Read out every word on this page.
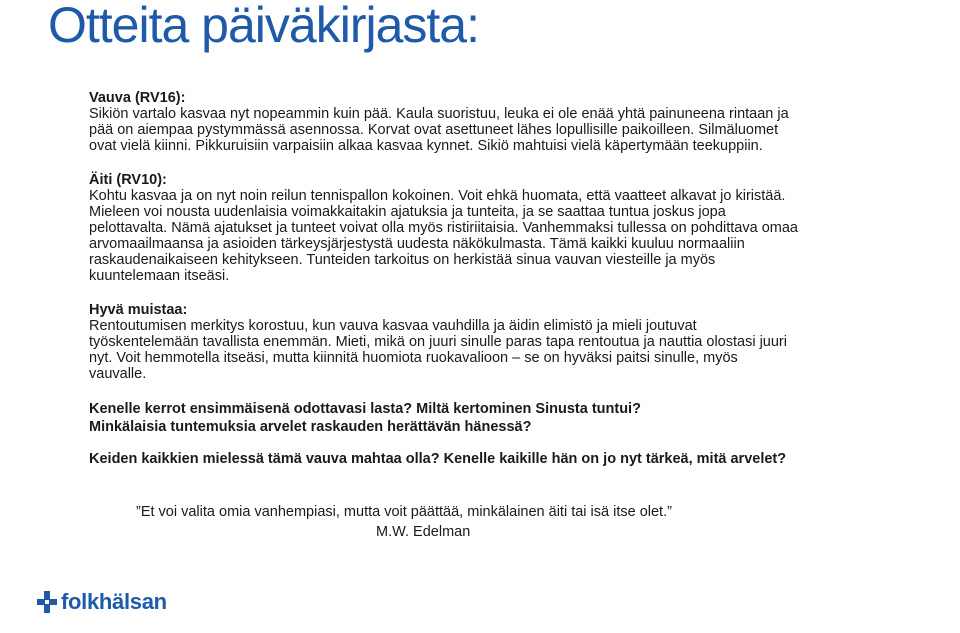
Otteita päiväkirjasta:

Vauva (RV16):

Sikiön vartalo kasvaa nyt nopeammin kuin pää. Kaula suoristuu, leuka ei ole enää yhtä painuneena rintaan ja

pää on aiempaa pystymmässä asennossa. Korvat ovat asettuneet lähes lopullisille paikoilleen. Silmäluomet

ovat vielä kiinni. Pikkuruisiin varpaisiin alkaa kasvaa kynnet. Sikiö mahtuisi vielä käpertymään teekuppiin.

Äiti (RV10):

Kohtu kasvaa ja on nyt noin reilun tennispallon kokoinen. Voit ehkä huomata, että vaatteet alkavat jo kiristää.

Mieleen voi nousta uudenlaisia voimakkaitakin ajatuksia ja tunteita, ja se saattaa tuntua joskus jopa

pelottavalta. Nämä ajatukset ja tunteet voivat olla myös ristiriitaisia. Vanhemmaksi tullessa on pohdittava omaa

arvomaailmaansa ja asioiden tärkeysjärjestystä uudesta näkökulmasta. Tämä kaikki kuuluu normaaliin

raskaudenaikaiseen kehitykseen. Tunteiden tarkoitus on herkistää sinua vauvan viesteille ja myös

kuuntelemaan itseäsi.

Hyvä muistaa:

Rentoutumisen merkitys korostuu, kun vauva kasvaa vauhdilla ja äidin elimistö ja mieli joutuvat

työskentelemään tavallista enemmän. Mieti, mikä on juuri sinulle paras tapa rentoutua ja nauttia olostasi juuri

nyt. Voit hemmotella itseäsi, mutta kiinnitä huomiota ruokavalioon – se on hyväksi paitsi sinulle, myös

vauvalle.

Kenelle kerrot ensimmäisenä odottavasi lasta? Miltä kertominen Sinusta tuntui?
Minkälaisia tuntemuksia arvelet raskauden herättävän hänessä?
Keiden kaikkien mielessä tämä vauva mahtaa olla? Kenelle kaikille hän on jo nyt tärkeä, mitä arvelet?
”Et voi valita omia vanhempiasi, mutta voit päättää, minkälainen äiti tai isä itse olet.”
M.W. Edelman
folkhälsan
